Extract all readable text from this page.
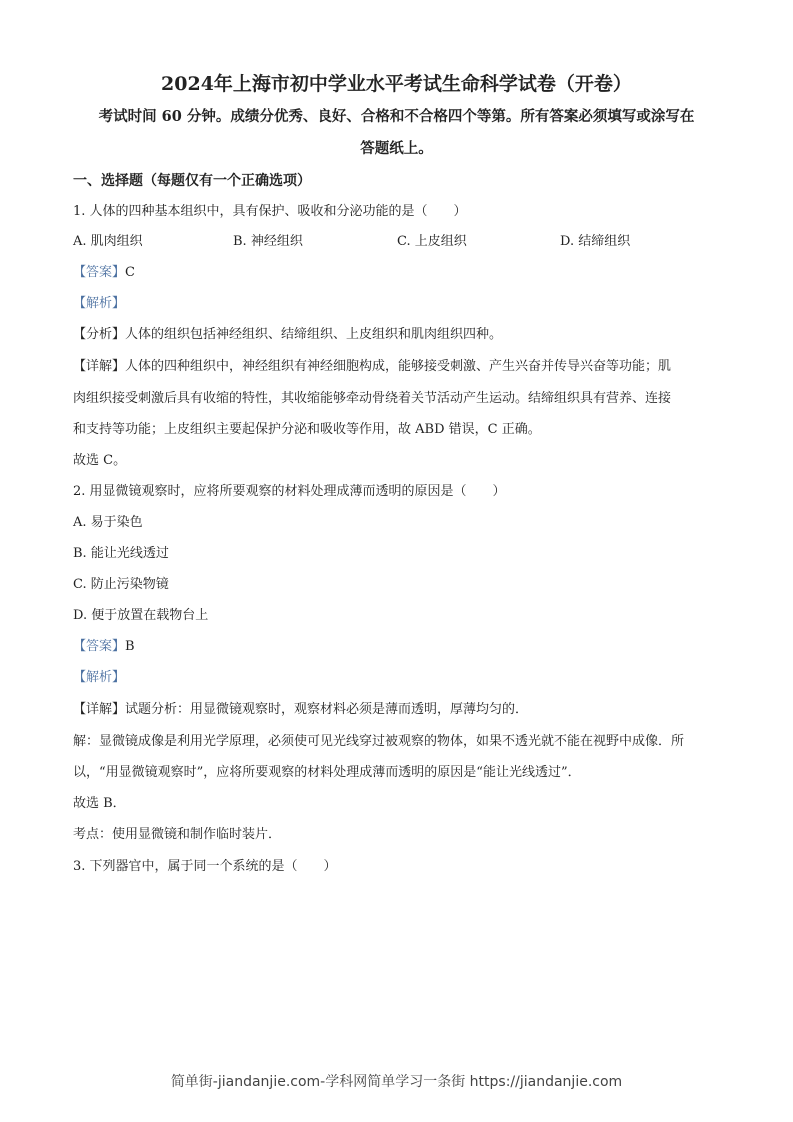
2024年上海市初中学业水平考试生命科学试卷（开卷）
考试时间 60 分钟。成绩分优秀、良好、合格和不合格四个等第。所有答案必须填写或涂写在
答题纸上。
一、选择题（每题仅有一个正确选项）
1. 人体的四种基本组织中，具有保护、吸收和分泌功能的是（　　）
A. 肌肉组织	B. 神经组织	C. 上皮组织	D. 结缔组织
【答案】C
【解析】
【分析】人体的组织包括神经组织、结缔组织、上皮组织和肌肉组织四种。
【详解】人体的四种组织中，神经组织有神经细胞构成，能够接受刺激、产生兴奋并传导兴奋等功能；肌
肉组织接受刺激后具有收缩的特性，其收缩能够牵动骨绕着关节活动产生运动。结缔组织具有营养、连接
和支持等功能；上皮组织主要起保护分泌和吸收等作用，故 ABD 错误，C 正确。
故选 C。
2. 用显微镜观察时，应将所要观察的材料处理成薄而透明的原因是（　　）
A. 易于染色
B. 能让光线透过
C. 防止污染物镜
D. 便于放置在载物台上
【答案】B
【解析】
【详解】试题分析：用显微镜观察时，观察材料必须是薄而透明，厚薄均匀的．
解：显微镜成像是利用光学原理，必须使可见光线穿过被观察的物体，如果不透光就不能在视野中成像．所
以，“用显微镜观察时”，应将所要观察的材料处理成薄而透明的原因是“能让光线透过”．
故选 B．
考点：使用显微镜和制作临时装片．
3. 下列器官中，属于同一个系统的是（　　）
简单街-jiandanjie.com-学科网简单学习一条街 https://jiandanjie.com
